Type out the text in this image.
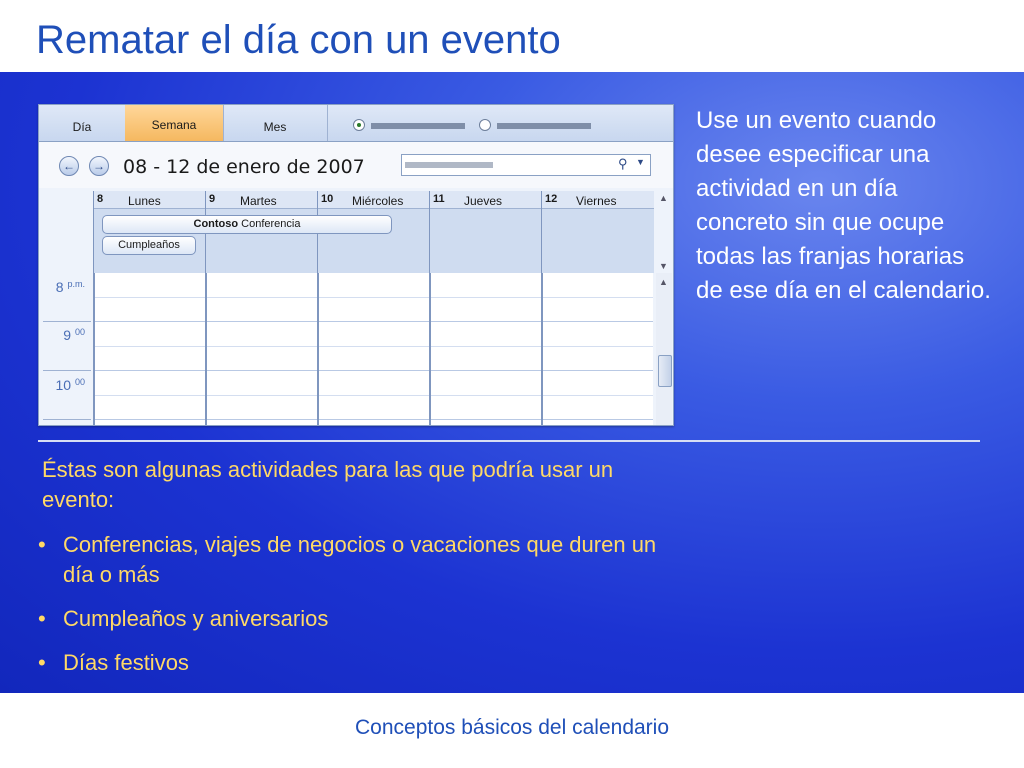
Rematar el día con un evento
Día	Semana	Mes
←	→ 08 - 12 de enero de 2007	⚲ ▼
8 Lunes	9 Martes	10 Miércoles	11 Jueves	12 Viernes
Contoso Conferencia
Cumpleaños
8 $^{p.m.}$
9 $^{00}$
10 $^{00}$
▲
▼
▲

Use un evento cuando desee especificar una actividad en un día concreto sin que ocupe todas las franjas horarias de ese día en el calendario.

Éstas son algunas actividades para las que podría usar un evento:

• Conferencias, viajes de negocios o vacaciones que duren un día o más
• Cumpleaños y aniversarios
• Días festivos
Conceptos básicos del calendario
